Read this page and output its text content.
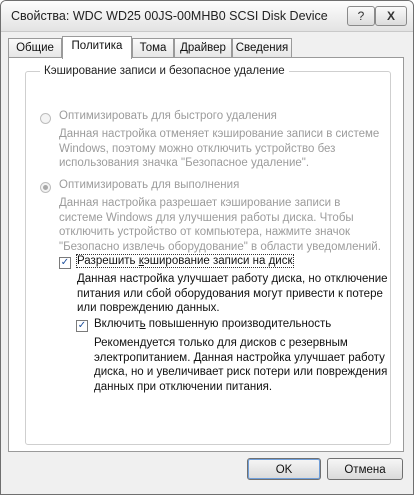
Свойства: WDC WD25 00JS-00MHB0 SCSI Disk Device	?	X
Общие	Политика	Тома	Драйвер Сведения
Кэширование записи и безопасное удаление
Оптимизировать для быстрого удаления
Данная настройка отменяет кэширование записи в системе
Windows, поэтому можно отключить устройство без
использования значка "Безопасное удаление".
Оптимизировать для выполнения
Данная настройка разрешает кэширование записи в
системе Windows для улучшения работы диска. Чтобы
отключить устройство от компьютера, нажмите значок
"Безопасно извлечь оборудование" в области уведомлений.
✓ Разрешить кэширование записи на диск
Данная настройка улучшает работу диска, но отключение
питания или сбой оборудования могут привести к потере
или повреждению данных.
✓ Включить повышенную производительность
Рекомендуется только для дисков с резервным
электропитанием. Данная настройка улучшает работу
диска, но и увеличивает риск потери или повреждения
данных при отключении питания.
OK	Отмена
